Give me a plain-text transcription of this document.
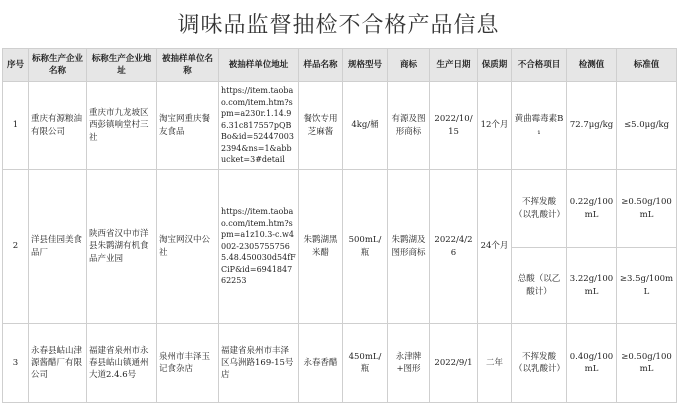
调味品监督抽检不合格产品信息
序号	标称生产企业名称	标称生产企业地址	被抽样单位名称	被抽样单位地址	样品名称	规格型号	商标	生产日期	保质期	不合格项目	检测值	标准值
1	重庆有源粮油有限公司	重庆市九龙坡区西彭镇响堂村三社	淘宝网重庆餐友食品	https://item.taobao.com/item.htm?spm=a230r.1.14.96.31c817557pQBBo&id=524470032394&ns=1&abbucket=3#detail	餐饮专用芝麻酱	4kg/桶	有源及图形商标	2022/10/15	12个月	黄曲霉毒素B₁	72.7μg/kg	≤5.0μg/kg
2	洋县佳园美食品厂	陕西省汉中市洋县朱鹮湖有机食品产业园	淘宝网汉中公社	https://item.taobao.com/item.htm?spm=a1z10.3-c.w4002-23057557565.48.450030d54fFCiP&id=694184762253	朱鹮湖黑米醋	500mL/瓶	朱鹮湖及图形商标	2022/4/26	24个月	不挥发酸（以乳酸计）	0.22g/100mL	≥0.50g/100mL
										总酸（以乙酸计）	3.22g/100mL	≥3.5g/100mL
3	永春县岵山津源酱醋厂有限公司	福建省泉州市永春县岵山镇通州大道2.4.6号	泉州市丰泽玉记食杂店	福建省泉州市丰泽区乌洲路169-15号店	永春香醋	450mL/瓶	永津牌+图形	2022/9/1	二年	不挥发酸（以乳酸计）	0.40g/100mL	≥0.50g/100mL
